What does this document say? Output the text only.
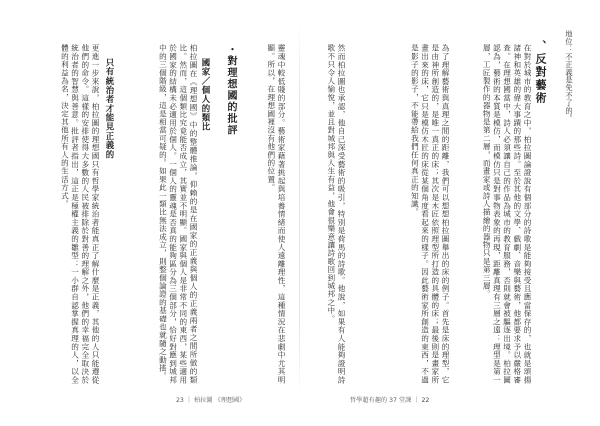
地位：不正義是免不了的。
、反對藝術
在對於城市的教育之中，柏拉圖論證說有個部分的詩歌是能夠接受且應當保存的，也就是頌揚諸神和英雄的偉大事蹟的那些詩。至於其他的文學、戲劇、音樂與藝術，他都要求予以嚴格審查。在理想國當中，詩人必須讓自己的作品為城市的教育服務，否則就會被驅逐出境。柏拉圖認為，藝術的本質是模仿，而模仿只是對事物表象的再現，距離真理有三層之遠：理型是第一層，工匠製作的器物是第二層，而畫家或詩人描繪的器物只是第三層。
為了理解藝術與真理之間的距離，我們可以想想柏拉圖舉出的床的例子。首先是床的理型，它是由神所創造的，是唯一真正的床；其次是木匠依照理型所打造的具體的床；最後則是畫家所畫出來的床，它只是模仿木匠的床從某個角度看起來的樣子。因此藝術家所創造的東西，不過是影子的影子，不能帶給我們任何真正的知識。
然而柏拉圖也承認，他自己深受藝術的吸引，特別是荷馬的詩歌。他說，如果有人能夠證明詩歌不只令人愉悅，並且對城邦與人生有益，他會很樂意讓詩歌回到城邦之中。
哲學超有趣的 37 堂課 ｜ 22
靈魂中較低賤的部分。藝術家藉著挑起與培養情緒而使人遠離理性，這種情況在悲劇中尤其明顯。所以，在理想國裡沒有他們的位置。
・對理想國的批評
國家／個人的類比
柏拉圖在《理想國》中的整體推論，仰賴的是在國家的正義與個人的正義兩者之間所做的類比。然而，這個類比究竟能否成立，其實並不明顯。國家與個人是非常不同的東西，某些適用於國家的結構未必適用於個人。一個人的靈魂是否真的能夠區分為三個部分，恰好對應到城邦中的三個階級，這是相當可疑的。如果此一類比無法成立，則整個論證的基礎也就隨之動搖。
只有統治者才能見正義的
更進一步來說，柏拉圖的理想國只有哲學家統治者能真正了解什麼是正義，其他的人只能遵從他們的命令。這樣的安排使得大多數的人民被排除於對善的理解之外，他們的幸福完全取決於統治者的智慧與善意。批評者指出，這正是極權主義的雛型：一小群自認掌握真理的人，以全體的利益為名，決定其他所有人的生活方式。
23 ｜ 柏拉圖 《理想國》
